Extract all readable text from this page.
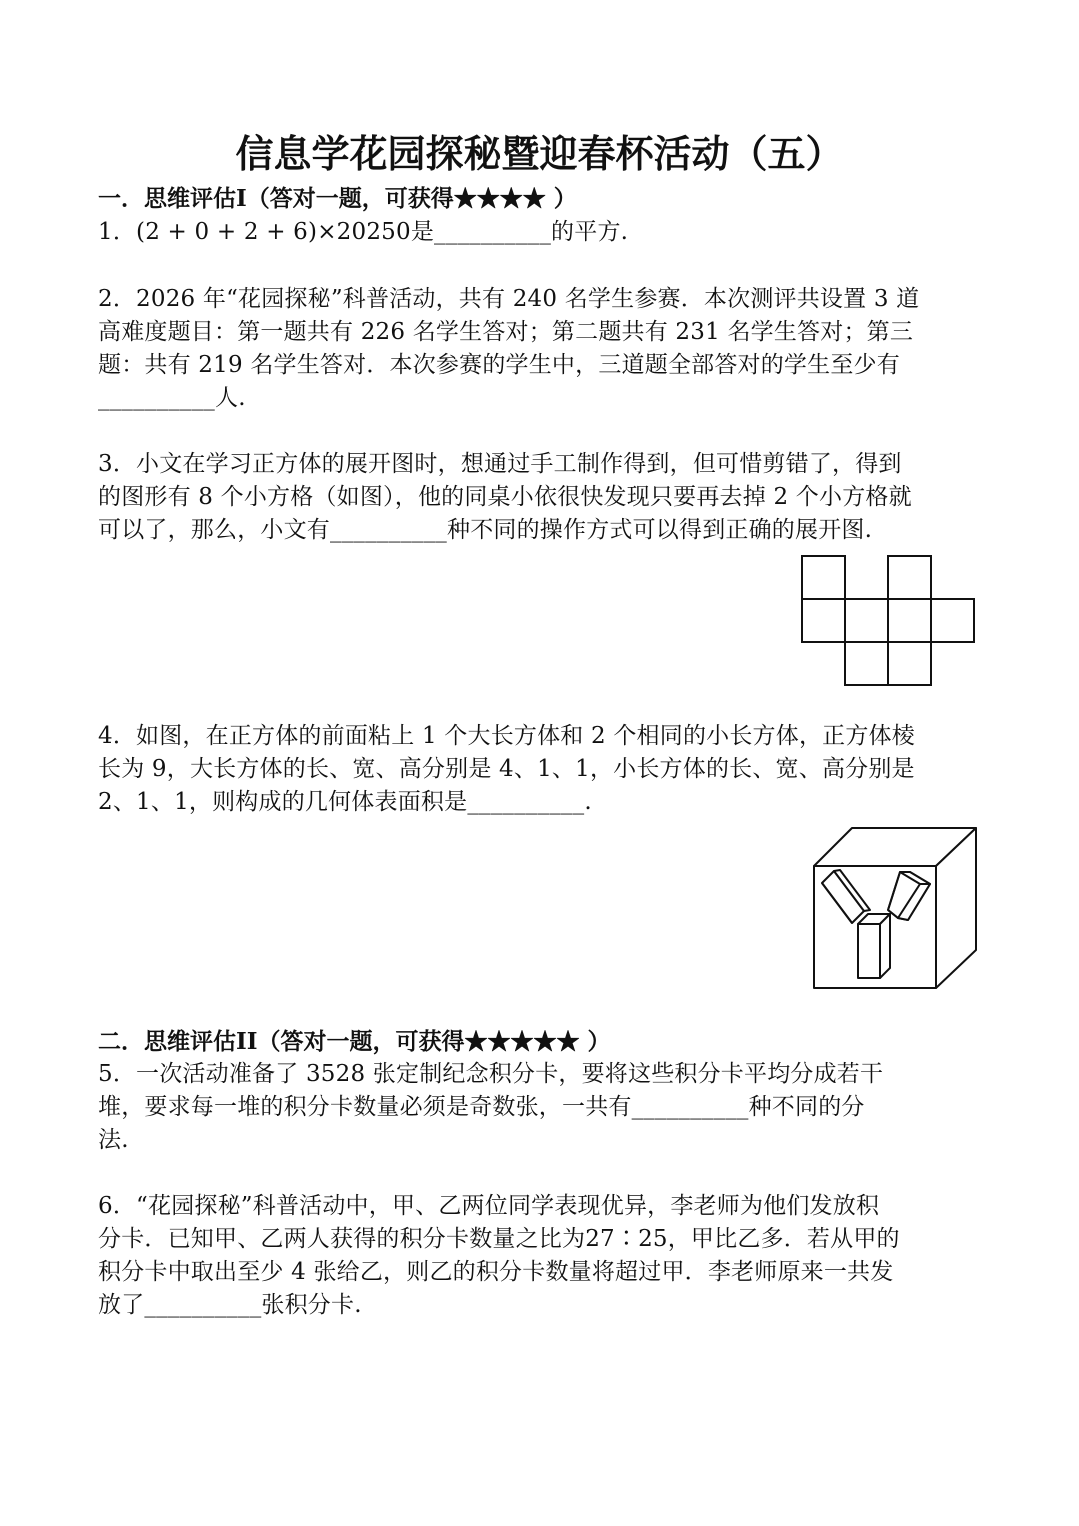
信息学花园探秘暨迎春杯活动（五）
一．思维评估I（答对一题，可获得★★★★ ）
1．(2 + 0 + 2 + 6)×20250是__________的平方.
2．2026 年“花园探秘”科普活动，共有 240 名学生参赛．本次测评共设置 3 道
高难度题目：第一题共有 226 名学生答对；第二题共有 231 名学生答对；第三
题：共有 219 名学生答对．本次参赛的学生中，三道题全部答对的学生至少有
__________人.
3．小文在学习正方体的展开图时，想通过手工制作得到，但可惜剪错了，得到
的图形有 8 个小方格（如图），他的同桌小依很快发现只要再去掉 2 个小方格就
可以了，那么，小文有__________种不同的操作方式可以得到正确的展开图.
4．如图，在正方体的前面粘上 1 个大长方体和 2 个相同的小长方体，正方体棱
长为 9，大长方体的长、宽、高分别是 4、1、1，小长方体的长、宽、高分别是
2、1、1，则构成的几何体表面积是__________.
二．思维评估II（答对一题，可获得★★★★★ ）
5．一次活动准备了 3528 张定制纪念积分卡，要将这些积分卡平均分成若干
堆，要求每一堆的积分卡数量必须是奇数张，一共有__________种不同的分
法.
6．“花园探秘”科普活动中，甲、乙两位同学表现优异，李老师为他们发放积
分卡．已知甲、乙两人获得的积分卡数量之比为27∶25，甲比乙多．若从甲的
积分卡中取出至少 4 张给乙，则乙的积分卡数量将超过甲．李老师原来一共发
放了__________张积分卡.
